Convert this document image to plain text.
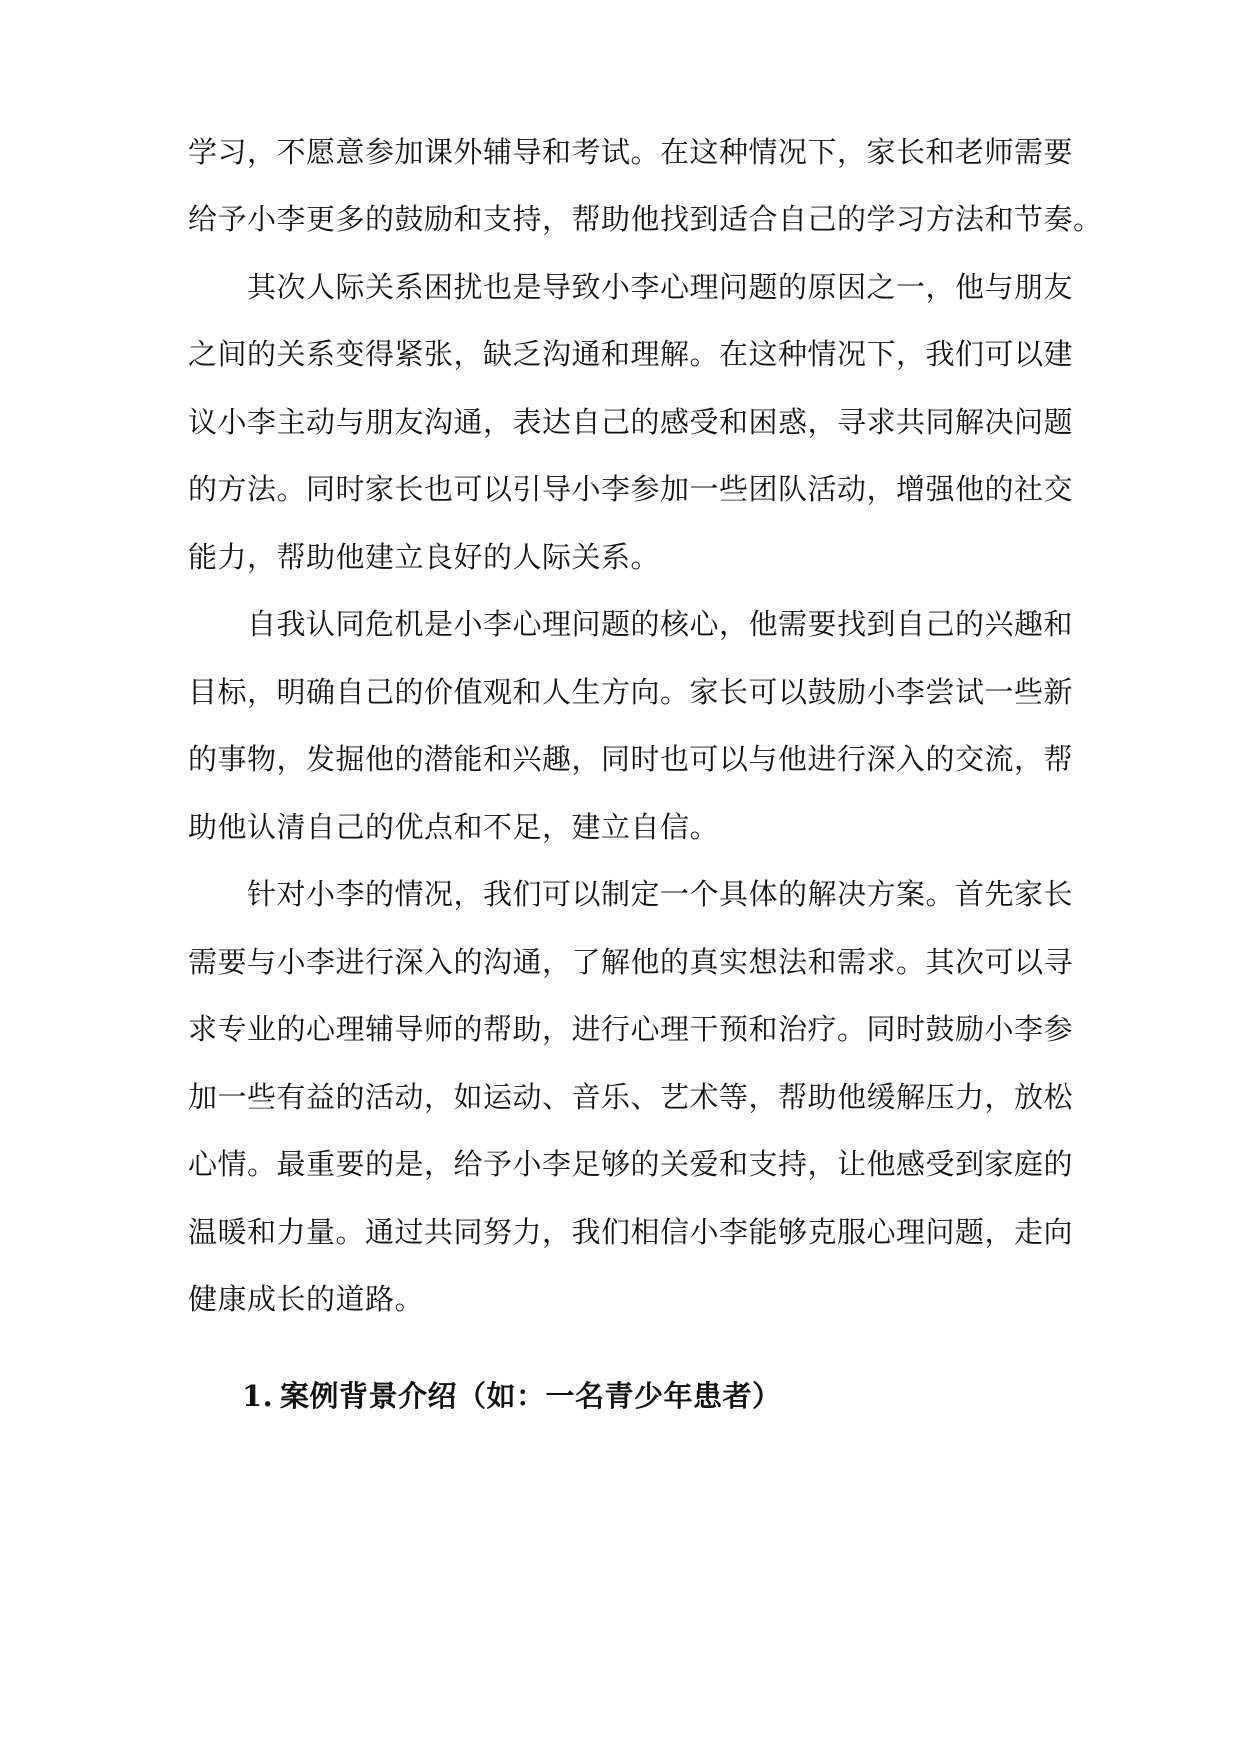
学习，不愿意参加课外辅导和考试。在这种情况下，家长和老师需要

给予小李更多的鼓励和支持，帮助他找到适合自己的学习方法和节奏。

其次人际关系困扰也是导致小李心理问题的原因之一，他与朋友

之间的关系变得紧张，缺乏沟通和理解。在这种情况下，我们可以建

议小李主动与朋友沟通，表达自己的感受和困惑，寻求共同解决问题

的方法。同时家长也可以引导小李参加一些团队活动，增强他的社交

能力，帮助他建立良好的人际关系。

自我认同危机是小李心理问题的核心，他需要找到自己的兴趣和

目标，明确自己的价值观和人生方向。家长可以鼓励小李尝试一些新

的事物，发掘他的潜能和兴趣，同时也可以与他进行深入的交流，帮

助他认清自己的优点和不足，建立自信。

针对小李的情况，我们可以制定一个具体的解决方案。首先家长

需要与小李进行深入的沟通，了解他的真实想法和需求。其次可以寻

求专业的心理辅导师的帮助，进行心理干预和治疗。同时鼓励小李参

加一些有益的活动，如运动、音乐、艺术等，帮助他缓解压力，放松

心情。最重要的是，给予小李足够的关爱和支持，让他感受到家庭的

温暖和力量。通过共同努力，我们相信小李能够克服心理问题，走向

健康成长的道路。

1. 案例背景介绍（如：一名青少年患者）
